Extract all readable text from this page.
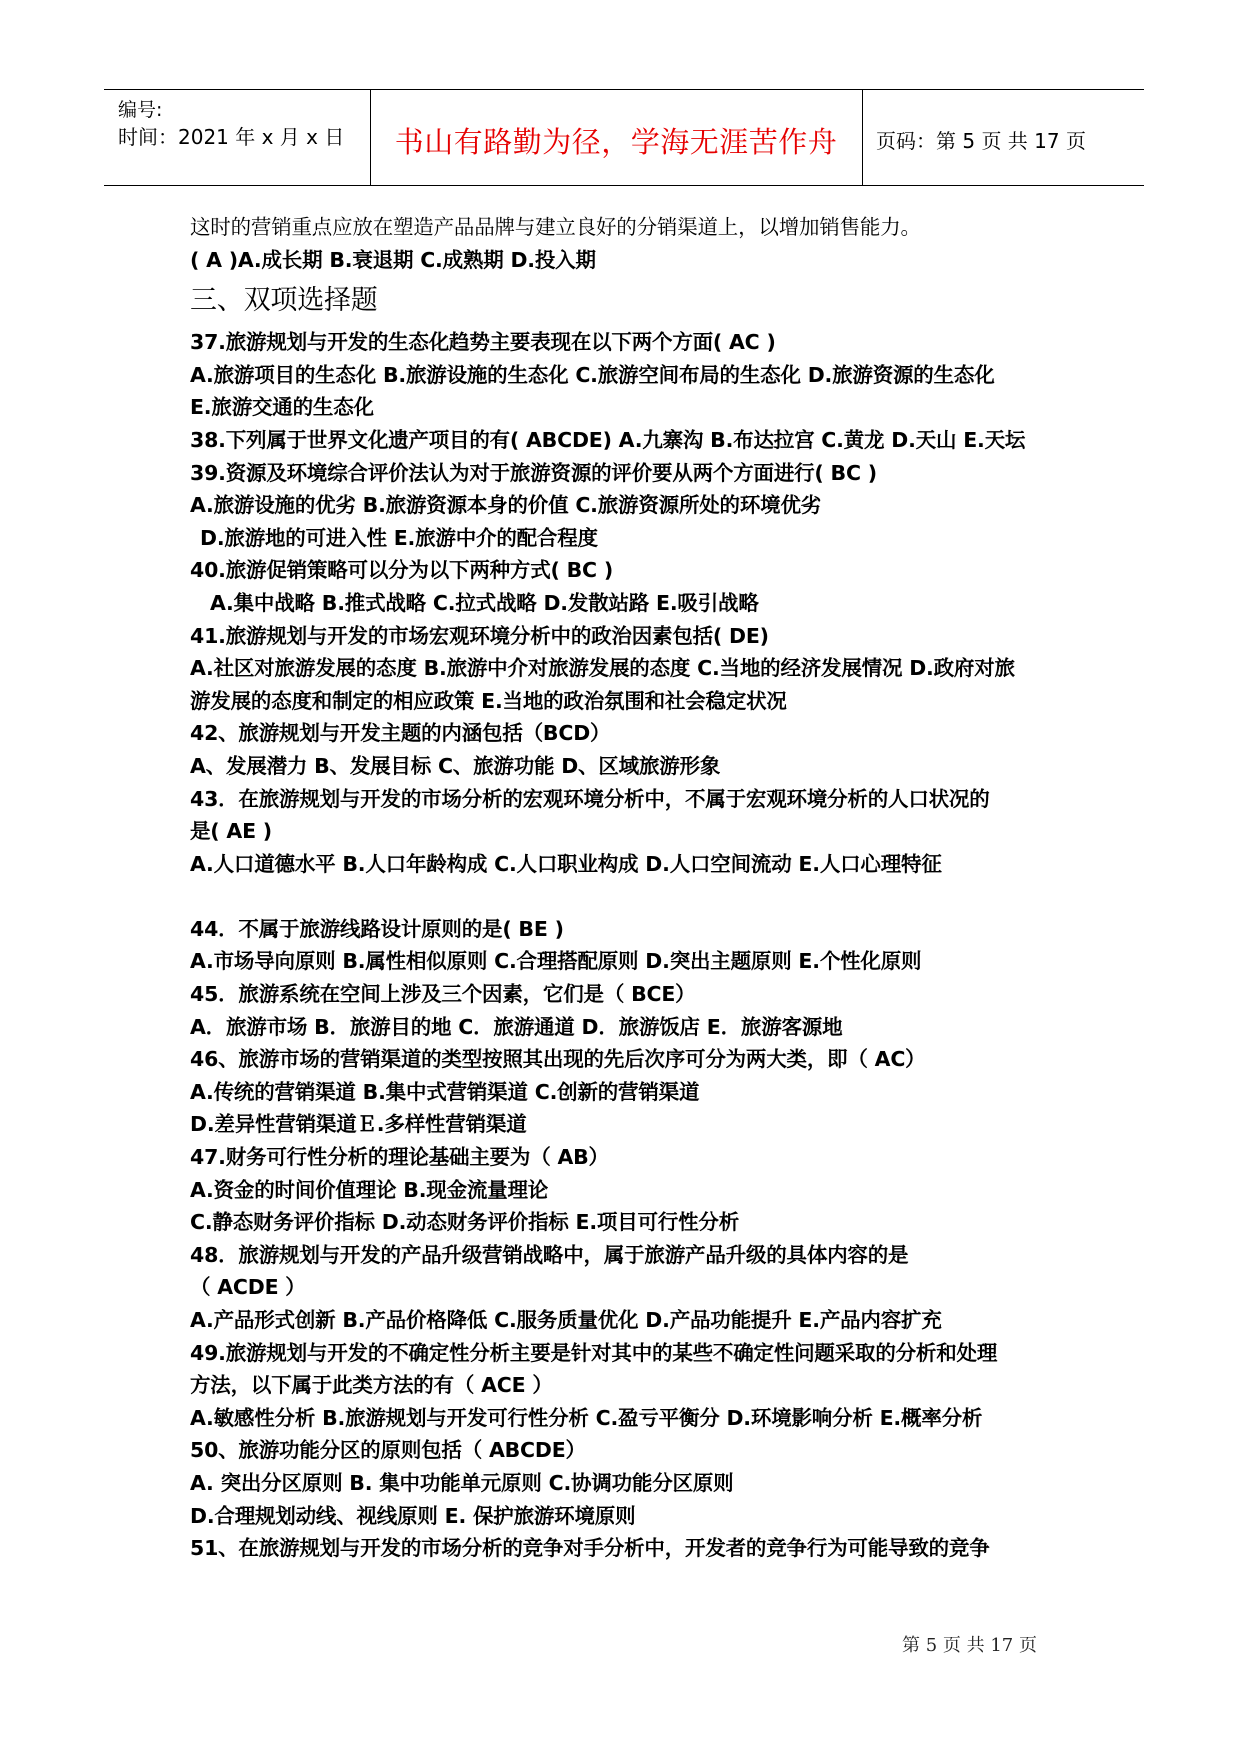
编号:
时间：2021 年 x 月 x 日	书山有路勤为径，学海无涯苦作舟	页码：第 5 页 共 17 页
这时的营销重点应放在塑造产品品牌与建立良好的分销渠道上，以增加销售能力。
( A )A.成长期 B.衰退期 C.成熟期 D.投入期
三、双项选择题
37.旅游规划与开发的生态化趋势主要表现在以下两个方面( AC )
A.旅游项目的生态化 B.旅游设施的生态化 C.旅游空间布局的生态化 D.旅游资源的生态化
E.旅游交通的生态化
38.下列属于世界文化遗产项目的有( ABCDE) A.九寨沟 B.布达拉宫 C.黄龙 D.天山 E.天坛
39.资源及环境综合评价法认为对于旅游资源的评价要从两个方面进行( BC )
A.旅游设施的优劣 B.旅游资源本身的价值 C.旅游资源所处的环境优劣
D.旅游地的可进入性 E.旅游中介的配合程度
40.旅游促销策略可以分为以下两种方式( BC )
A.集中战略 B.推式战略 C.拉式战略 D.发散站路 E.吸引战略
41.旅游规划与开发的市场宏观环境分析中的政治因素包括( DE)
A.社区对旅游发展的态度 B.旅游中介对旅游发展的态度 C.当地的经济发展情况 D.政府对旅
游发展的态度和制定的相应政策 E.当地的政治氛围和社会稳定状况
42、旅游规划与开发主题的内涵包括（BCD）
A、发展潜力 B、发展目标 C、旅游功能 D、区域旅游形象
43．在旅游规划与开发的市场分析的宏观环境分析中，不属于宏观环境分析的人口状况的
是( AE )
A.人口道德水平 B.人口年龄构成 C.人口职业构成 D.人口空间流动 E.人口心理特征
44．不属于旅游线路设计原则的是( BE )
A.市场导向原则 B.属性相似原则 C.合理搭配原则 D.突出主题原则 E.个性化原则
45．旅游系统在空间上涉及三个因素，它们是（ BCE）
A．旅游市场 B．旅游目的地 C．旅游通道 D．旅游饭店 E．旅游客源地
46、旅游市场的营销渠道的类型按照其出现的先后次序可分为两大类，即（ AC）
A.传统的营销渠道 B.集中式营销渠道 C.创新的营销渠道
D.差异性营销渠道Ｅ.多样性营销渠道
47.财务可行性分析的理论基础主要为（ AB）
A.资金的时间价值理论 B.现金流量理论
C.静态财务评价指标 D.动态财务评价指标 E.项目可行性分析
48．旅游规划与开发的产品升级营销战略中，属于旅游产品升级的具体内容的是
（ ACDE ）
A.产品形式创新 B.产品价格降低 C.服务质量优化 D.产品功能提升 E.产品内容扩充
49.旅游规划与开发的不确定性分析主要是针对其中的某些不确定性问题采取的分析和处理
方法，以下属于此类方法的有（ ACE ）
A.敏感性分析 B.旅游规划与开发可行性分析 C.盈亏平衡分 D.环境影响分析 E.概率分析
50、旅游功能分区的原则包括（ ABCDE）
A. 突出分区原则 B. 集中功能单元原则 C.协调功能分区原则
D.合理规划动线、视线原则 E. 保护旅游环境原则
51、在旅游规划与开发的市场分析的竞争对手分析中，开发者的竞争行为可能导致的竞争
第 5 页 共 17 页
